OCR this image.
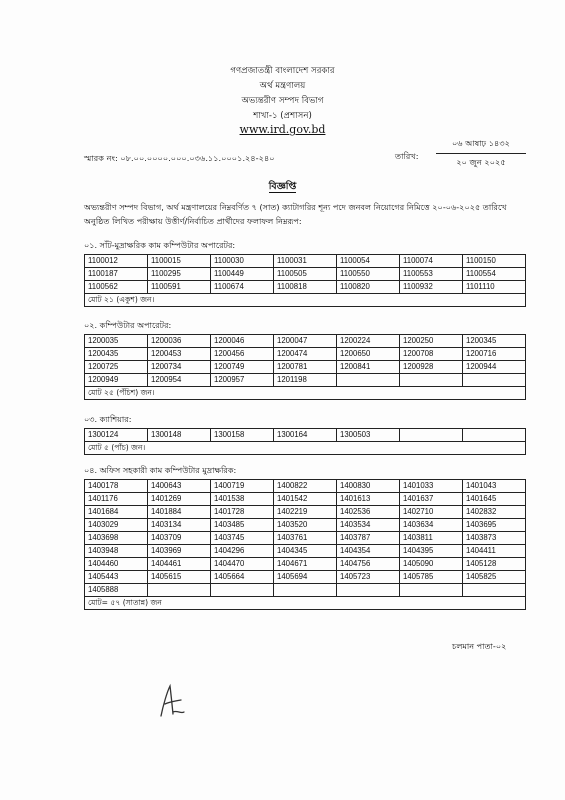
গণপ্রজাতন্ত্রী বাংলাদেশ সরকার
অর্থ মন্ত্রণালয়
অভ্যন্তরীণ সম্পদ বিভাগ
শাখা-১ (প্রশাসন)
www.ird.gov.bd
স্মারক নং: ০৮.০০.০০০০.০০০.০৩৬.১১.০০০১.২৪-২৪০	তারিখ:
০৬ আষাঢ় ১৪৩২
২০ জুন ২০২৫
বিজ্ঞপ্তি
অভ্যন্তরীণ সম্পদ বিভাগ, অর্থ মন্ত্রণালয়ের নিম্নবর্ণিত ৭ (সাত) ক্যাটাগরির শূন্য পদে জনবল নিয়োগের নিমিত্তে ২০-০৬-২০২৫ তারিখে অনুষ্ঠিত লিখিত পরীক্ষায় উত্তীর্ণ/নির্বাচিত প্রার্থীদের ফলাফল নিম্নরূপ:
০১. সাঁট-মুদ্রাক্ষরিক কাম কম্পিউটার অপারেটর:
1100012	1100015	1100030	1100031	1100054	1100074	1100150
1100187	1100295	1100449	1100505	1100550	1100553	1100554
1100562	1100591	1100674	1100818	1100820	1100932	1101110
মোট ২১ (একুশ) জন।						
০২. কম্পিউটার অপারেটর:
1200035	1200036	1200046	1200047	1200224	1200250	1200345
1200435	1200453	1200456	1200474	1200650	1200708	1200716
1200725	1200734	1200749	1200781	1200841	1200928	1200944
1200949	1200954	1200957	1201198			
মোট ২৫ (পঁচিশ) জন।						
০৩. ক্যাশিয়ার:
1300124	1300148	1300158	1300164	1300503		
মোট ৫ (পাঁচ) জন।
০৪. অফিস সহকারী কাম কম্পিউটার মুদ্রাক্ষরিক:
1400178	1400643	1400719	1400822	1400830	1401033	1401043
1401176	1401269	1401538	1401542	1401613	1401637	1401645
1401684	1401884	1401728	1402219	1402536	1402710	1402832
1403029	1403134	1403485	1403520	1403534	1403634	1403695
1403698	1403709	1403745	1403761	1403787	1403811	1403873
1403948	1403969	1404296	1404345	1404354	1404395	1404411
1404460	1404461	1404470	1404671	1404756	1405090	1405128
1405443	1405615	1405664	1405694	1405723	1405785	1405825
1405888						
মোট= ৫৭ (সাতান্ন) জন						
চলমান পাতা-০২
